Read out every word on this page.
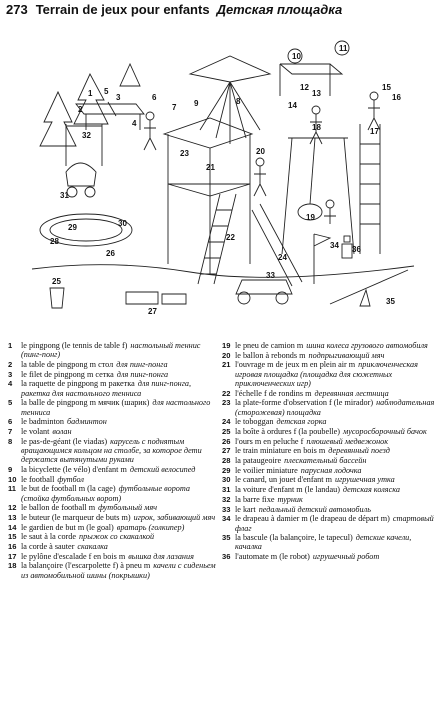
273 Terrain de jeux pour enfants Детская площадка
1
2
3
4
5
6
7
8
9
10
11
12
13
14
15
16
17
18
19
20
21
22
23
24
25
26
27
28
29	30
31
32
33
34
35
36
1	le pingpong (le tennis de table f) настольный теннис (пинг-понг)
2	la table de pingpong m стол для пинг-понга
3	le filet de pingpong m сетка для пинг-понга
4	la raquette de pingpong m ракетка для пинг-понга, ракетка для настольного тенниса
5	la balle de pingpong m мячик (шарик) для настольного тенниса
6	le badminton бадминтон
7	le volant волан
8	le pas-de-géant (le viadas) карусель с поднятым вращающимся кольцом на столбе, за которое дети держатся вытянутыми руками
9	la bicyclette (le vélo) d'enfant m детский велосипед
10 le football футбол
11 le but de football m (la cage) футбольные ворота (стойка футбольных ворот)
12 le ballon de football m футбольный мяч
13 le buteur (le marqueur de buts m) игрок, забивающий мяч
14 le gardien de but m (le goal) вратарь (голкипер)
15 le saut à la corde прыжок со скакалкой
16 la corde à sauter скакалка
17 le pylône d'escalade f en bois m вышка для лазания
18 la balançoire (l'escarpolette f) à pneu m качели с сиденьем из автомобильной шины (покрышки)
19 le pneu de camion m шина колеса грузового автомобиля
20 le ballon à rebonds m подпрыгивающий мяч
21 l'ouvrage m de jeux m en plein air m приключенческая игровая площадка (площадка для сюжетных приключенческих игр)
22 l'échelle f de rondins m деревянная лестница
23 la plate-forme d'observation f (le mirador) наблюдательная (сторожевая) площадка
24 le toboggan детская горка
25 la boîte à ordures f (la poubelle) мусоросборочный бачок
26 l'ours m en peluche f плюшевый медвежонок
27 le train miniature en bois m деревянный поезд
28 la pataugeoire плескательный бассейн
29 le voilier miniature парусная лодочка
30 le canard, un jouet d'enfant m игрушечная утка
31 la voiture d'enfant m (le landau) детская коляска
32 la barre fixe турник
33 le kart педальный детский автомобиль
34 le drapeau à damier m (le drapeau de départ m) стартовый флаг
35 la bascule (la balançoire, le tapecul) детские качели, качалка
36 l'automate m (le robot) игрушечный робот
